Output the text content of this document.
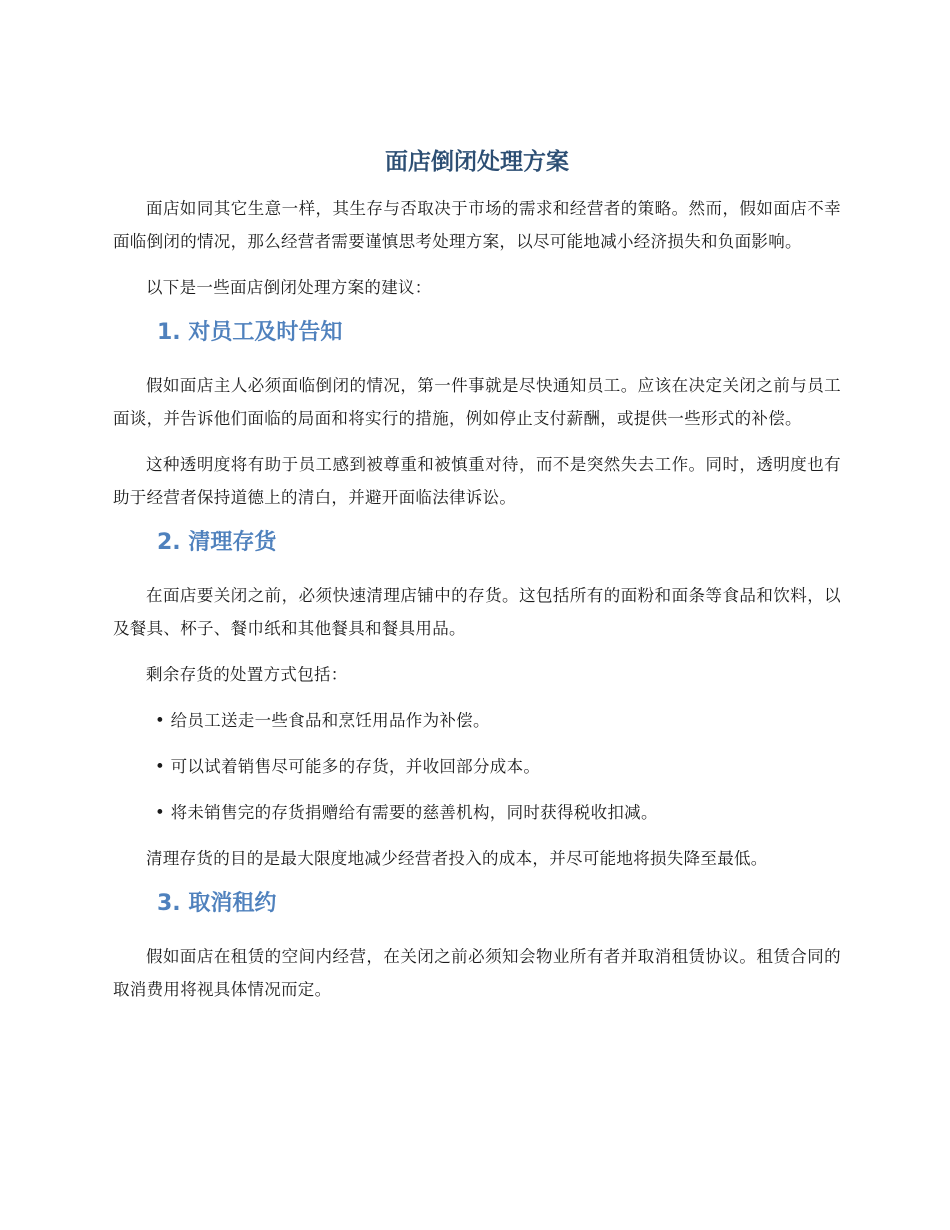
面店倒闭处理方案

面店如同其它生意一样，其生存与否取决于市场的需求和经营者的策略。然而，假如面店不幸面临倒闭的情况，那么经营者需要谨慎思考处理方案，以尽可能地减小经济损失和负面影响。

以下是一些面店倒闭处理方案的建议：

1. 对员工及时告知

假如面店主人必须面临倒闭的情况，第一件事就是尽快通知员工。应该在决定关闭之前与员工面谈，并告诉他们面临的局面和将实行的措施，例如停止支付薪酬，或提供一些形式的补偿。

这种透明度将有助于员工感到被尊重和被慎重对待，而不是突然失去工作。同时，透明度也有助于经营者保持道德上的清白，并避开面临法律诉讼。

2. 清理存货

在面店要关闭之前，必须快速清理店铺中的存货。这包括所有的面粉和面条等食品和饮料，以及餐具、杯子、餐巾纸和其他餐具和餐具用品。

剩余存货的处置方式包括：

• 给员工送走一些食品和烹饪用品作为补偿。

• 可以试着销售尽可能多的存货，并收回部分成本。

• 将未销售完的存货捐赠给有需要的慈善机构，同时获得税收扣减。

清理存货的目的是最大限度地减少经营者投入的成本，并尽可能地将损失降至最低。

3. 取消租约

假如面店在租赁的空间内经营，在关闭之前必须知会物业所有者并取消租赁协议。租赁合同的取消费用将视具体情况而定。
